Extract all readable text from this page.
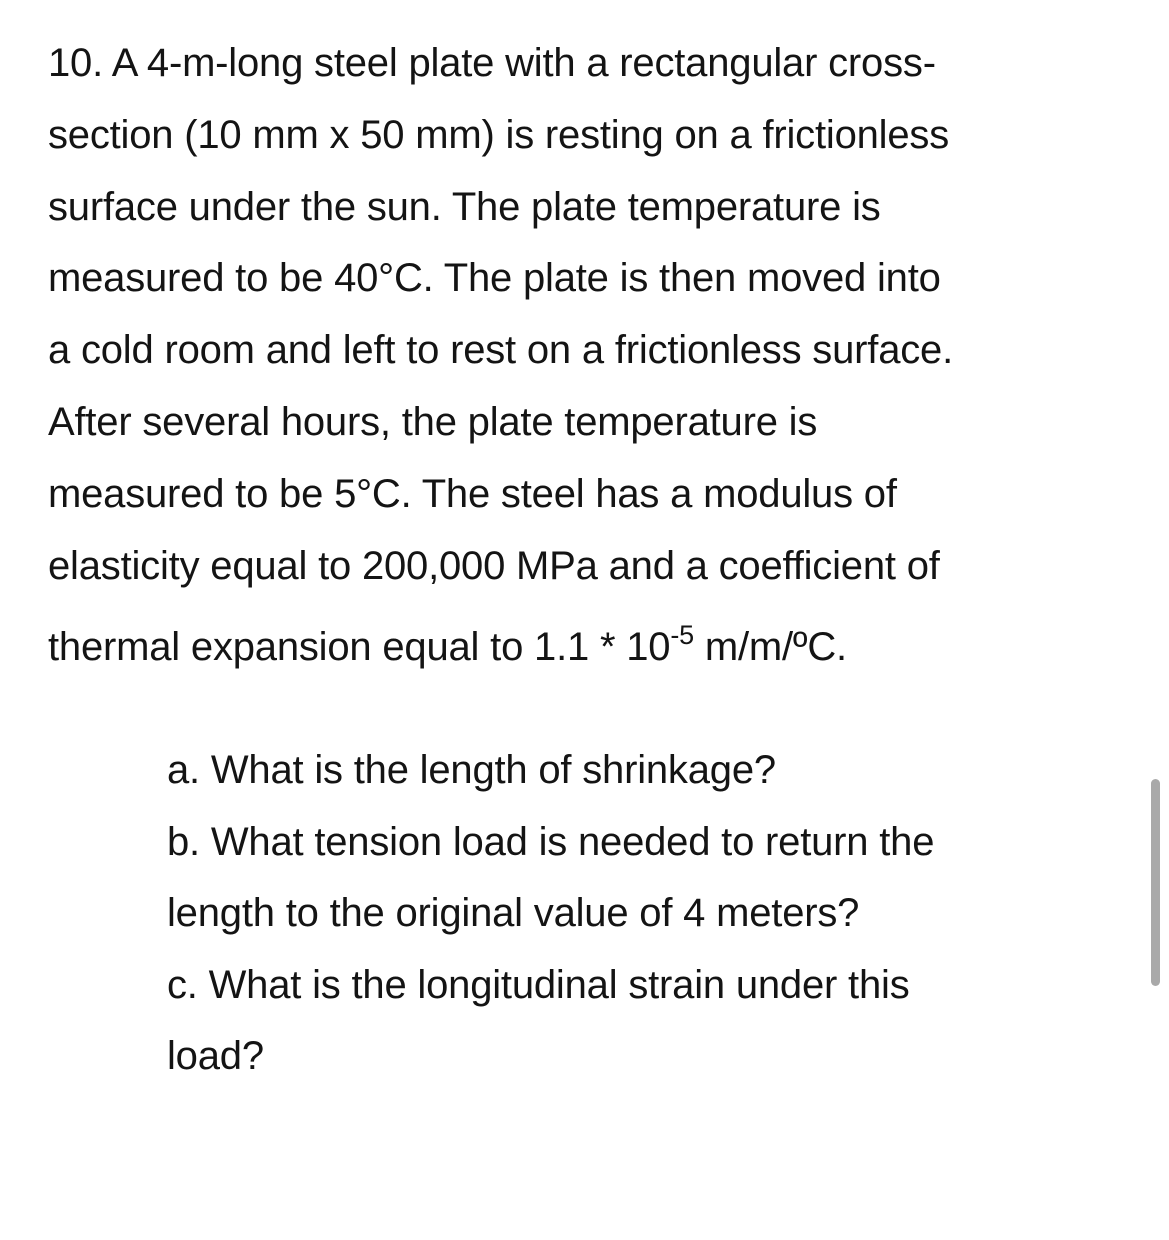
10. A 4-m-long steel plate with a rectangular cross-
section (10 mm x 50 mm) is resting on a frictionless
surface under the sun. The plate temperature is
measured to be 40°C. The plate is then moved into
a cold room and left to rest on a frictionless surface.
After several hours, the plate temperature is
measured to be 5°C. The steel has a modulus of
elasticity equal to 200,000 MPa and a coefficient of
thermal expansion equal to $1.1 * 10^{-5}$ m/m/ºC.
a. What is the length of shrinkage?
b. What tension load is needed to return the
length to the original value of 4 meters?
c. What is the longitudinal strain under this
load?
